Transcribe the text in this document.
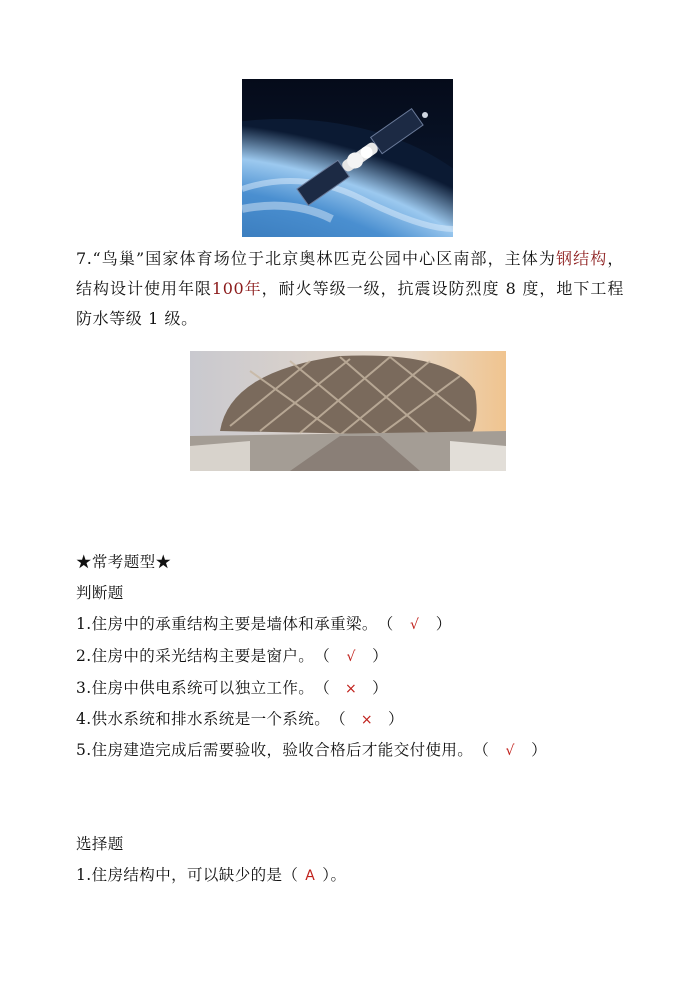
7.“鸟巢”国家体育场位于北京奥林匹克公园中心区南部，主体为钢结构，结构设计使用年限100年，耐火等级一级，抗震设防烈度 8 度，地下工程防水等级 1 级。
★常考题型★
判断题
1.住房中的承重结构主要是墙体和承重梁。（ √ ）
2.住房中的采光结构主要是窗户。（ √ ）
3.住房中供电系统可以独立工作。（ × ）
4.供水系统和排水系统是一个系统。（ × ）
5.住房建造完成后需要验收，验收合格后才能交付使用。（ √ ）
选择题
1.住房结构中，可以缺少的是（ A ）。
